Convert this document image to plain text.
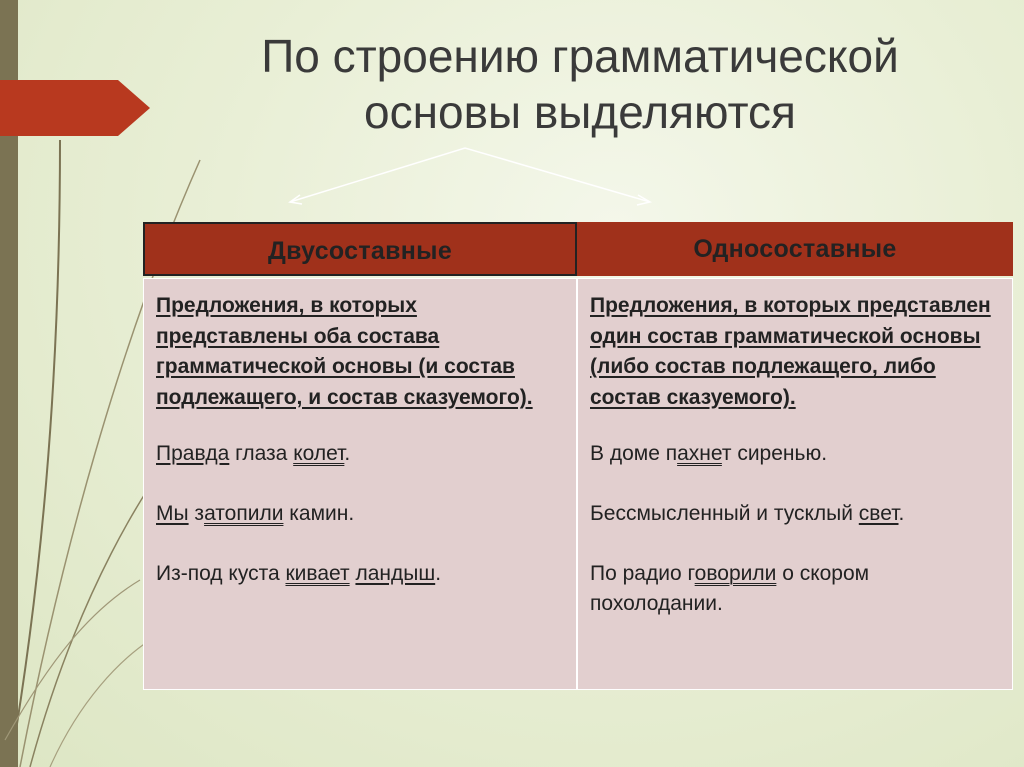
По строению грамматической
основы выделяются
Двусоставные	Односоставные
Предложения, в которых представлены оба состава грамматической основы (и состав подлежащего, и состав сказуемого).
Правда глаза колет.
Мы затопили камин.
Из-под куста кивает ландыш.
Предложения, в которых представлен один состав грамматической основы (либо состав подлежащего, либо состав сказуемого).
В доме пахнет сиренью.
Бессмысленный и тусклый свет.
По радио говорили о скором похолодании.
